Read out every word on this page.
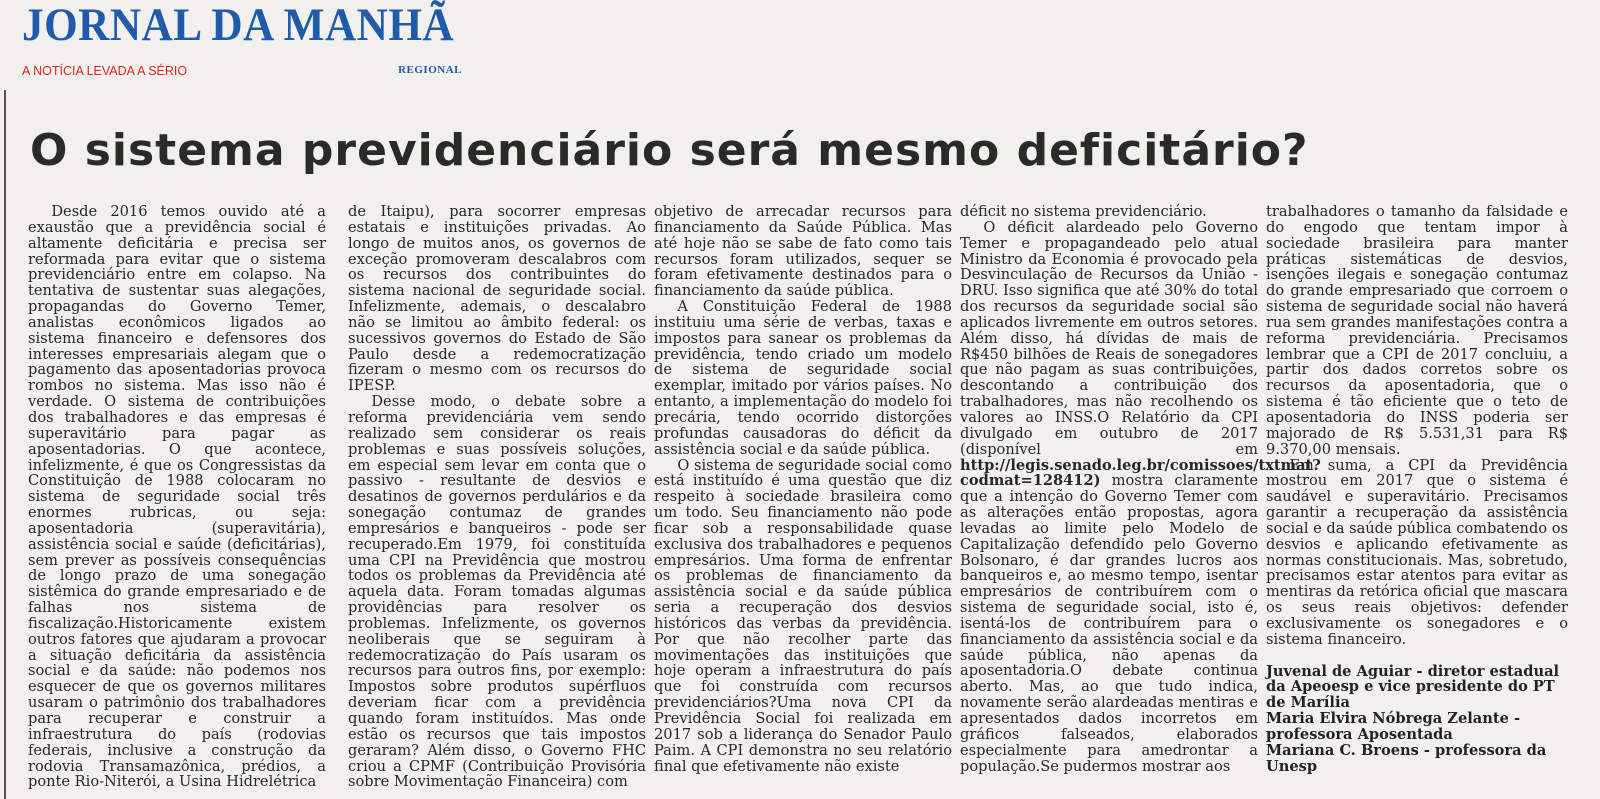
JORNAL DA MANHÃ
A NOTÍCIA LEVADA A SÉRIO	REGIONAL
O sistema previdenciário será mesmo deficitário?

Desde 2016 temos ouvido até a exaustão que a previdência social é altamente deficitária e precisa ser reformada para evitar que o sistema previdenciário entre em colapso. Na tentativa de sustentar suas alegações, propagandas do Governo Temer, analistas econômicos ligados ao sistema financeiro e defensores dos interesses empresariais alegam que o pagamento das aposentadorias provoca rombos no sistema. Mas isso não é verdade. O sistema de contribuições dos trabalhadores e das empresas é superavitário para pagar as aposentadorias. O que acontece, infelizmente, é que os Congressistas da Constituição de 1988 colocaram no sistema de seguridade social três enormes rubricas, ou seja: aposentadoria (superavitária), assistência social e saúde (deficitárias), sem prever as possíveis consequências de longo prazo de uma sonegação sistêmica do grande empresariado e de falhas nos sistema de fiscalização.Historicamente existem outros fatores que ajudaram a provocar a situação deficitária da assistência social e da saúde: não podemos nos esquecer de que os governos militares usaram o patrimônio dos trabalhadores para recuperar e construir a infraestrutura do país (rodovias federais, inclusive a construção da rodovia Transamazônica, prédios, a ponte Rio-Niterói, a Usina Hidrelétrica

de Itaipu), para socorrer empresas estatais e instituições privadas. Ao longo de muitos anos, os governos de exceção promoveram descalabros com os recursos dos contribuintes do sistema nacional de seguridade social. Infelizmente, ademais, o descalabro não se limitou ao âmbito federal: os sucessivos governos do Estado de São Paulo desde a redemocratização fizeram o mesmo com os recursos do IPESP.

Desse modo, o debate sobre a reforma previdenciária vem sendo realizado sem considerar os reais problemas e suas possíveis soluções, em especial sem levar em conta que o passivo - resultante de desvios e desatinos de governos perdulários e da sonegação contumaz de grandes empresários e banqueiros - pode ser recuperado.Em 1979, foi constituída uma CPI na Previdência que mostrou todos os problemas da Previdência até aquela data. Foram tomadas algumas providências para resolver os problemas. Infelizmente, os governos neoliberais que se seguiram à redemocratização do País usaram os recursos para outros fins, por exemplo: Impostos sobre produtos supérfluos deveriam ficar com a previdência quando foram instituídos. Mas onde estão os recursos que tais impostos geraram? Além disso, o Governo FHC criou a CPMF (Contribuição Provisória sobre Movimentação Financeira) com

objetivo de arrecadar recursos para financiamento da Saúde Pública. Mas até hoje não se sabe de fato como tais recursos foram utilizados, sequer se foram efetivamente destinados para o financiamento da saúde pública.

A Constituição Federal de 1988 instituiu uma série de verbas, taxas e impostos para sanear os problemas da previdência, tendo criado um modelo de sistema de seguridade social exemplar, imitado por vários países. No entanto, a implementação do modelo foi precária, tendo ocorrido distorções profundas causadoras do déficit da assistência social e da saúde pública.

O sistema de seguridade social como está instituído é uma questão que diz respeito à sociedade brasileira como um todo. Seu financiamento não pode ficar sob a responsabilidade quase exclusiva dos trabalhadores e pequenos empresários. Uma forma de enfrentar os problemas de financiamento da assistência social e da saúde pública seria a recuperação dos desvios históricos das verbas da previdência. Por que não recolher parte das movimentações das instituições que hoje operam a infraestrutura do país que foi construída com recursos previdenciários?Uma nova CPI da Previdência Social foi realizada em 2017 sob a liderança do Senador Paulo Paim. A CPI demonstra no seu relatório final que efetivamente não existe

déficit no sistema previdenciário.

O déficit alardeado pelo Governo Temer e propagandeado pelo atual Ministro da Economia é provocado pela Desvinculação de Recursos da União - DRU. Isso significa que até 30% do total dos recursos da seguridade social são aplicados livremente em outros setores. Além disso, há dívidas de mais de R$450 bilhões de Reais de sonegadores que não pagam as suas contribuições, descontando a contribuição dos trabalhadores, mas não recolhendo os valores ao INSS.O Relatório da CPI divulgado em outubro de 2017 (disponível em http://legis.senado.leg.br/comissoes/txtmat?codmat=128412) mostra claramente que a intenção do Governo Temer com as alterações então propostas, agora levadas ao limite pelo Modelo de Capitalização defendido pelo Governo Bolsonaro, é dar grandes lucros aos banqueiros e, ao mesmo tempo, isentar empresários de contribuírem com o sistema de seguridade social, isto é, isentá-los de contribuírem para o financiamento da assistência social e da saúde pública, não apenas da aposentadoria.O debate continua aberto. Mas, ao que tudo indica, novamente serão alardeadas mentiras e apresentados dados incorretos em gráficos falseados, elaborados especialmente para amedrontar a população.Se pudermos mostrar aos

trabalhadores o tamanho da falsidade e do engodo que tentam impor à sociedade brasileira para manter práticas sistemáticas de desvios, isenções ilegais e sonegação contumaz do grande empresariado que corroem o sistema de seguridade social não haverá rua sem grandes manifestações contra a reforma previdenciária. Precisamos lembrar que a CPI de 2017 concluiu, a partir dos dados corretos sobre os recursos da aposentadoria, que o sistema é tão eficiente que o teto de aposentadoria do INSS poderia ser majorado de R$ 5.531,31 para R$ 9.370,00 mensais.

Em suma, a CPI da Previdência mostrou em 2017 que o sistema é saudável e superavitário. Precisamos garantir a recuperação da assistência social e da saúde pública combatendo os desvios e aplicando efetivamente as normas constitucionais. Mas, sobretudo, precisamos estar atentos para evitar as mentiras da retórica oficial que mascara os seus reais objetivos: defender exclusivamente os sonegadores e o sistema financeiro.

Juvenal de Aguiar - diretor estadual da Apeoesp e vice presidente do PT de Marília
Maria Elvira Nóbrega Zelante - professora Aposentada
Mariana C. Broens - professora da Unesp
